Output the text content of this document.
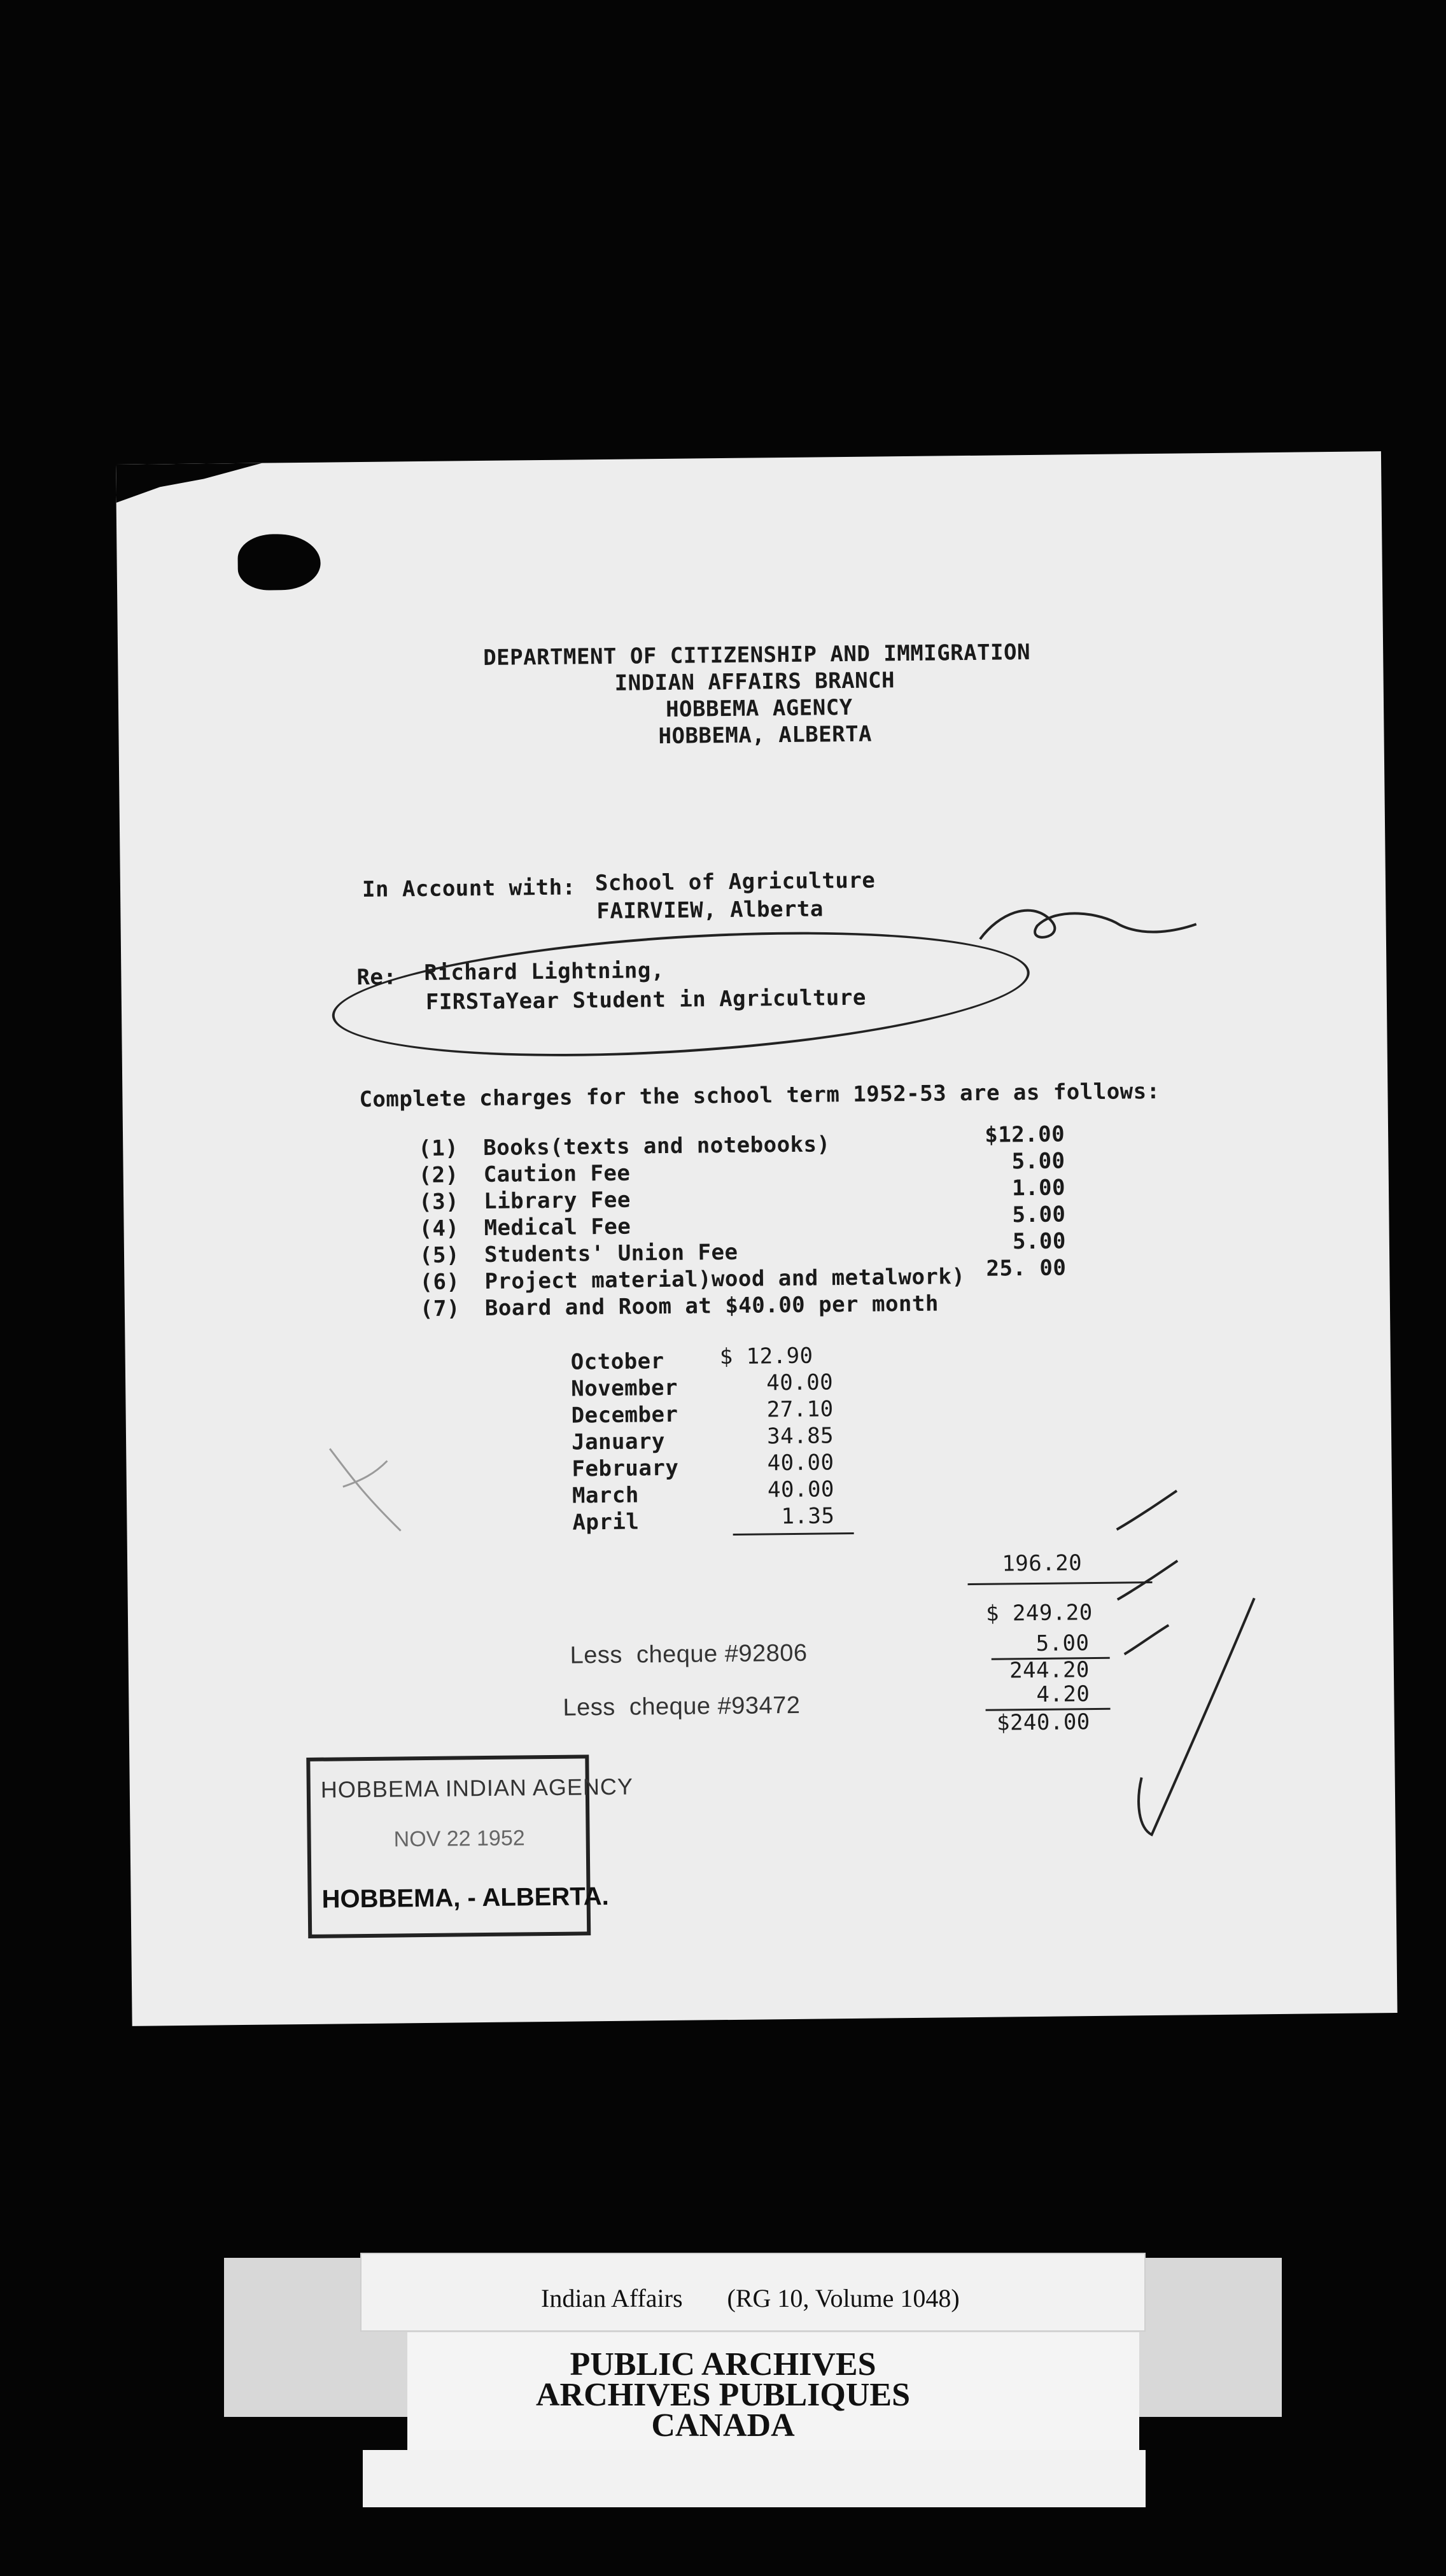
DEPARTMENT OF CITIZENSHIP AND IMMIGRATION
INDIAN AFFAIRS BRANCH
HOBBEMA AGENCY
HOBBEMA, ALBERTA
In Account with: School of Agriculture
FAIRVIEW, Alberta
Re: Richard Lightning,
FIRSTaYear Student in Agriculture
Complete charges for the school term 1952-53 are as follows:
(1) Books(texts and notebooks)	$12.00
(2) Caution Fee	5.00
(3) Library Fee	1.00
(4) Medical Fee	5.00
(5) Students' Union Fee	5.00
(6) Project material)wood and metalwork) 25. 00
(7) Board and Room at $40.00 per month
October	$ 12.90
November	40.00
December	27.10
January	34.85
February	40.00
March	40.00
April	1.35
196.20
$ 249.20
Less  cheque #92806	5.00
244.20
Less  cheque #93472	4.20
$240.00
HOBBEMA INDIAN AGENCY
NOV 22 1952
HOBBEMA, - ALBERTA.
Indian Affairs (RG 10, Volume 1048)
PUBLIC ARCHIVES
ARCHIVES PUBLIQUES
CANADA
